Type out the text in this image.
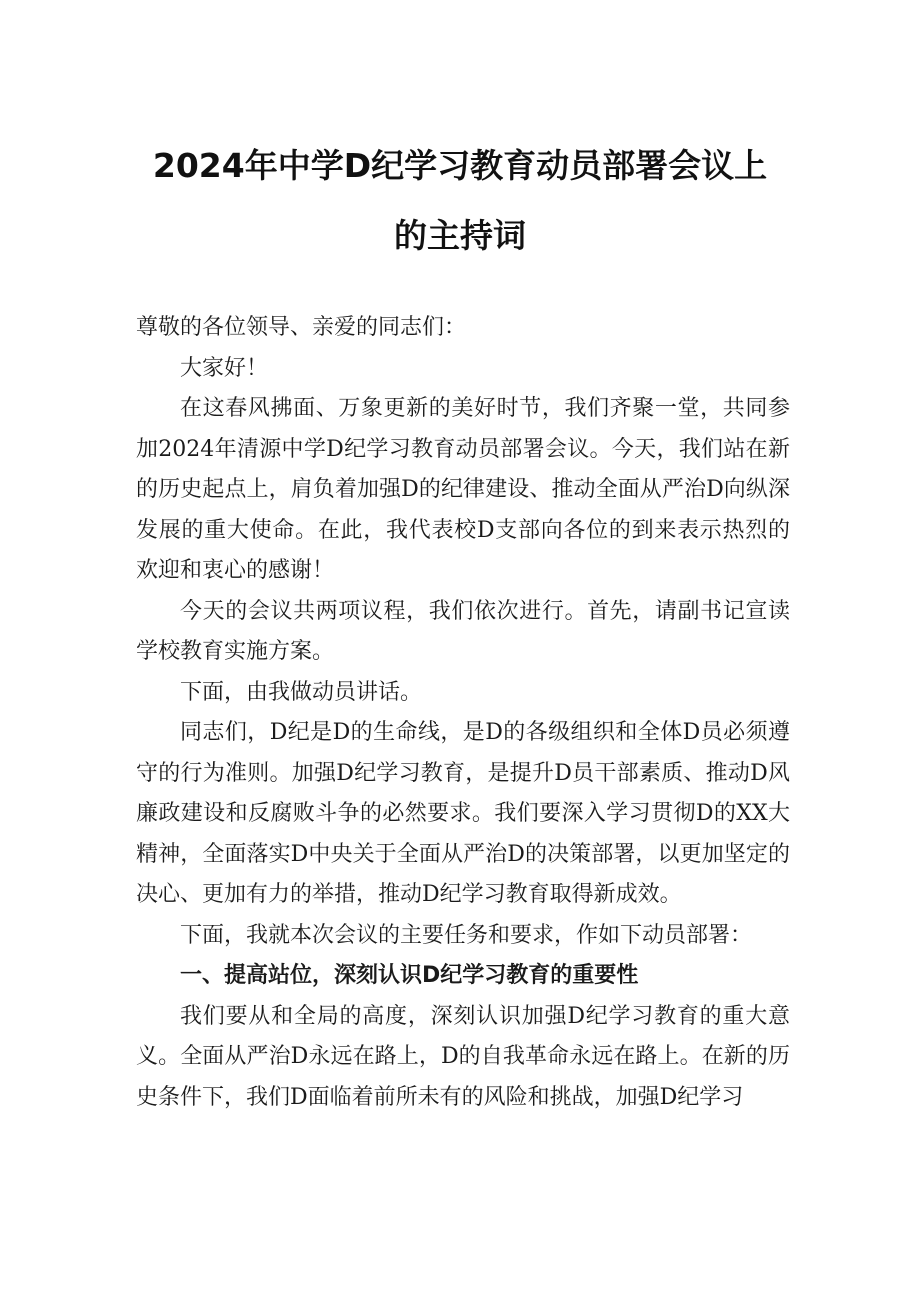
2024年中学D纪学习教育动员部署会议上
的主持词

尊敬的各位领导、亲爱的同志们：

大家好！

在这春风拂面、万象更新的美好时节，我们齐聚一堂，共同参加2024年清源中学D纪学习教育动员部署会议。今天，我们站在新的历史起点上，肩负着加强D的纪律建设、推动全面从严治D向纵深发展的重大使命。在此，我代表校D支部向各位的到来表示热烈的欢迎和衷心的感谢！

今天的会议共两项议程，我们依次进行。首先，请副书记宣读学校教育实施方案。

下面，由我做动员讲话。

同志们，D纪是D的生命线，是D的各级组织和全体D员必须遵守的行为准则。加强D纪学习教育，是提升D员干部素质、推动D风廉政建设和反腐败斗争的必然要求。我们要深入学习贯彻D的XX大精神，全面落实D中央关于全面从严治D的决策部署，以更加坚定的决心、更加有力的举措，推动D纪学习教育取得新成效。

下面，我就本次会议的主要任务和要求，作如下动员部署：

一、提高站位，深刻认识D纪学习教育的重要性

我们要从和全局的高度，深刻认识加强D纪学习教育的重大意义。全面从严治D永远在路上，D的自我革命永远在路上。在新的历史条件下，我们D面临着前所未有的风险和挑战，加强D纪学习
